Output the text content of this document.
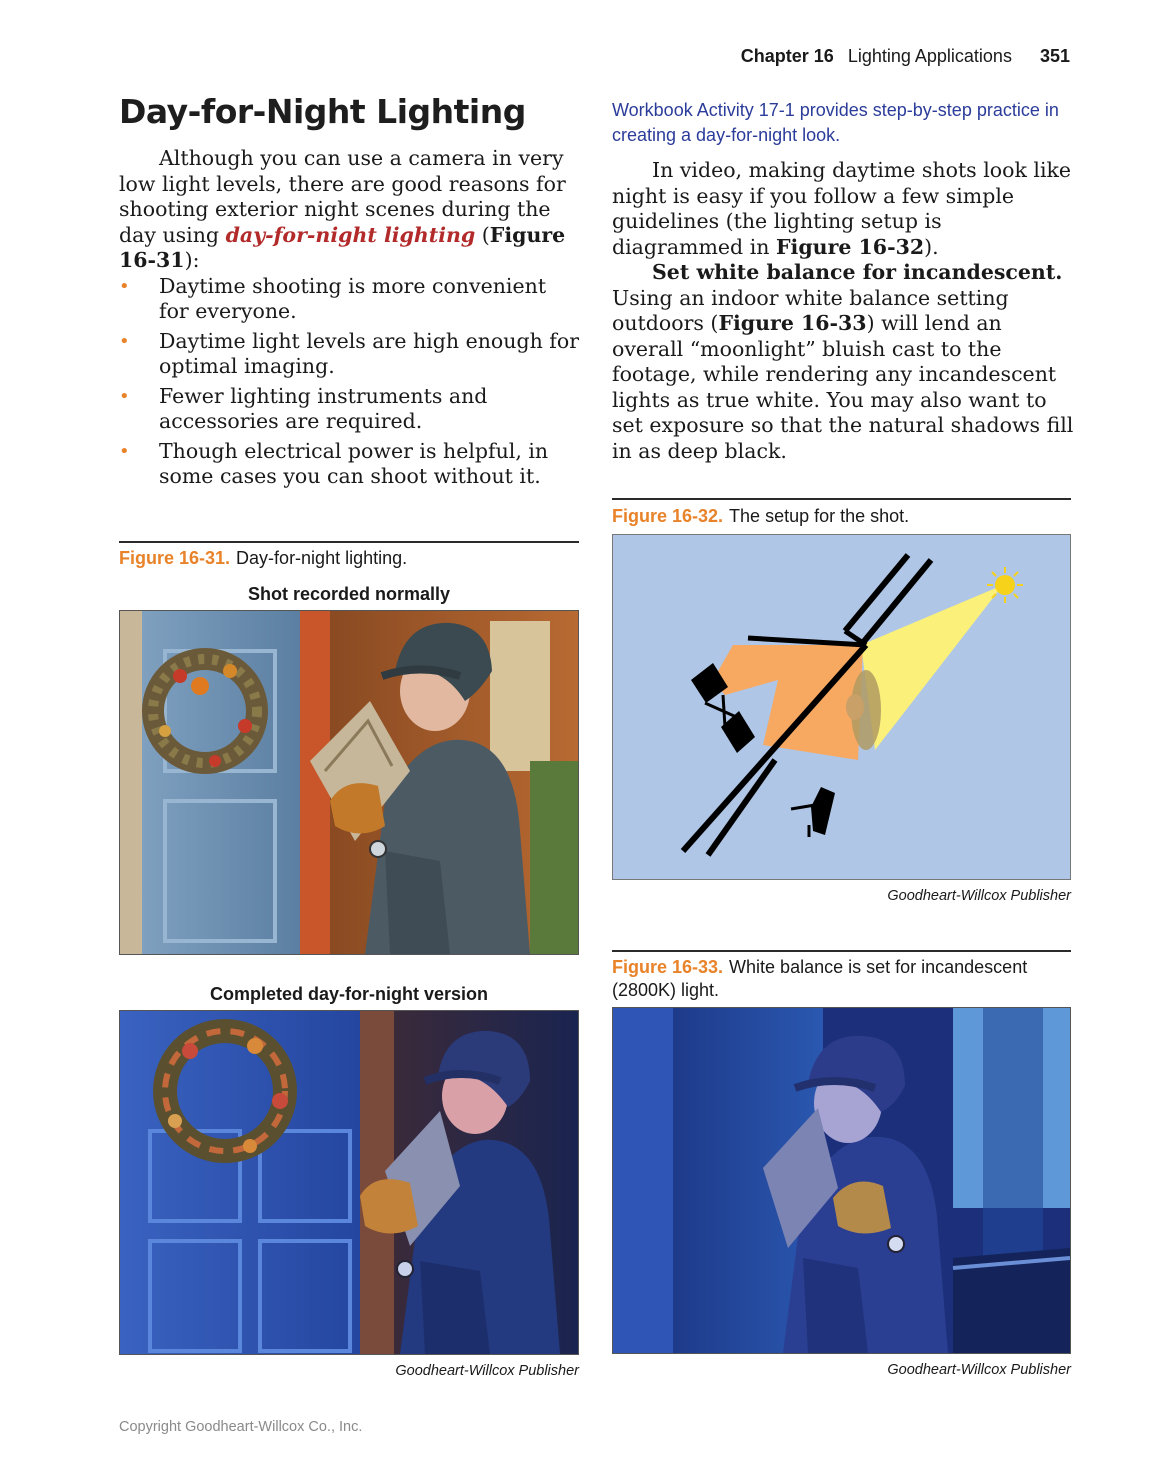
Chapter 16 Lighting Applications 351
Day-for-Night Lighting

Although you can use a camera in very low light levels, there are good reasons for shooting exterior night scenes during the day using day-for-night lighting (Figure 16-31):

• Daytime shooting is more convenient for everyone.
• Daytime light levels are high enough for optimal imaging.
• Fewer lighting instruments and accessories are required.
• Though electrical power is helpful, in some cases you can shoot without it.
Workbook Activity 17-1 provides step-by-step practice in creating a day-for-night look.

In video, making daytime shots look like night is easy if you follow a few simple guidelines (the lighting setup is diagrammed in Figure 16-32).

Set white balance for incandescent. Using an indoor white balance setting outdoors (Figure 16-33) will lend an overall “moonlight” bluish cast to the footage, while rendering any incandescent lights as true white. You may also want to set exposure so that the natural shadows fill in as deep black.

Figure 16-31. Day-for-night lighting.
Shot recorded normally
Completed day-for-night version
Goodheart-Willcox Publisher
Figure 16-32. The setup for the shot.
Goodheart-Willcox Publisher
Figure 16-33. White balance is set for incandescent (2800K) light.
Goodheart-Willcox Publisher
Copyright Goodheart-Willcox Co., Inc.
